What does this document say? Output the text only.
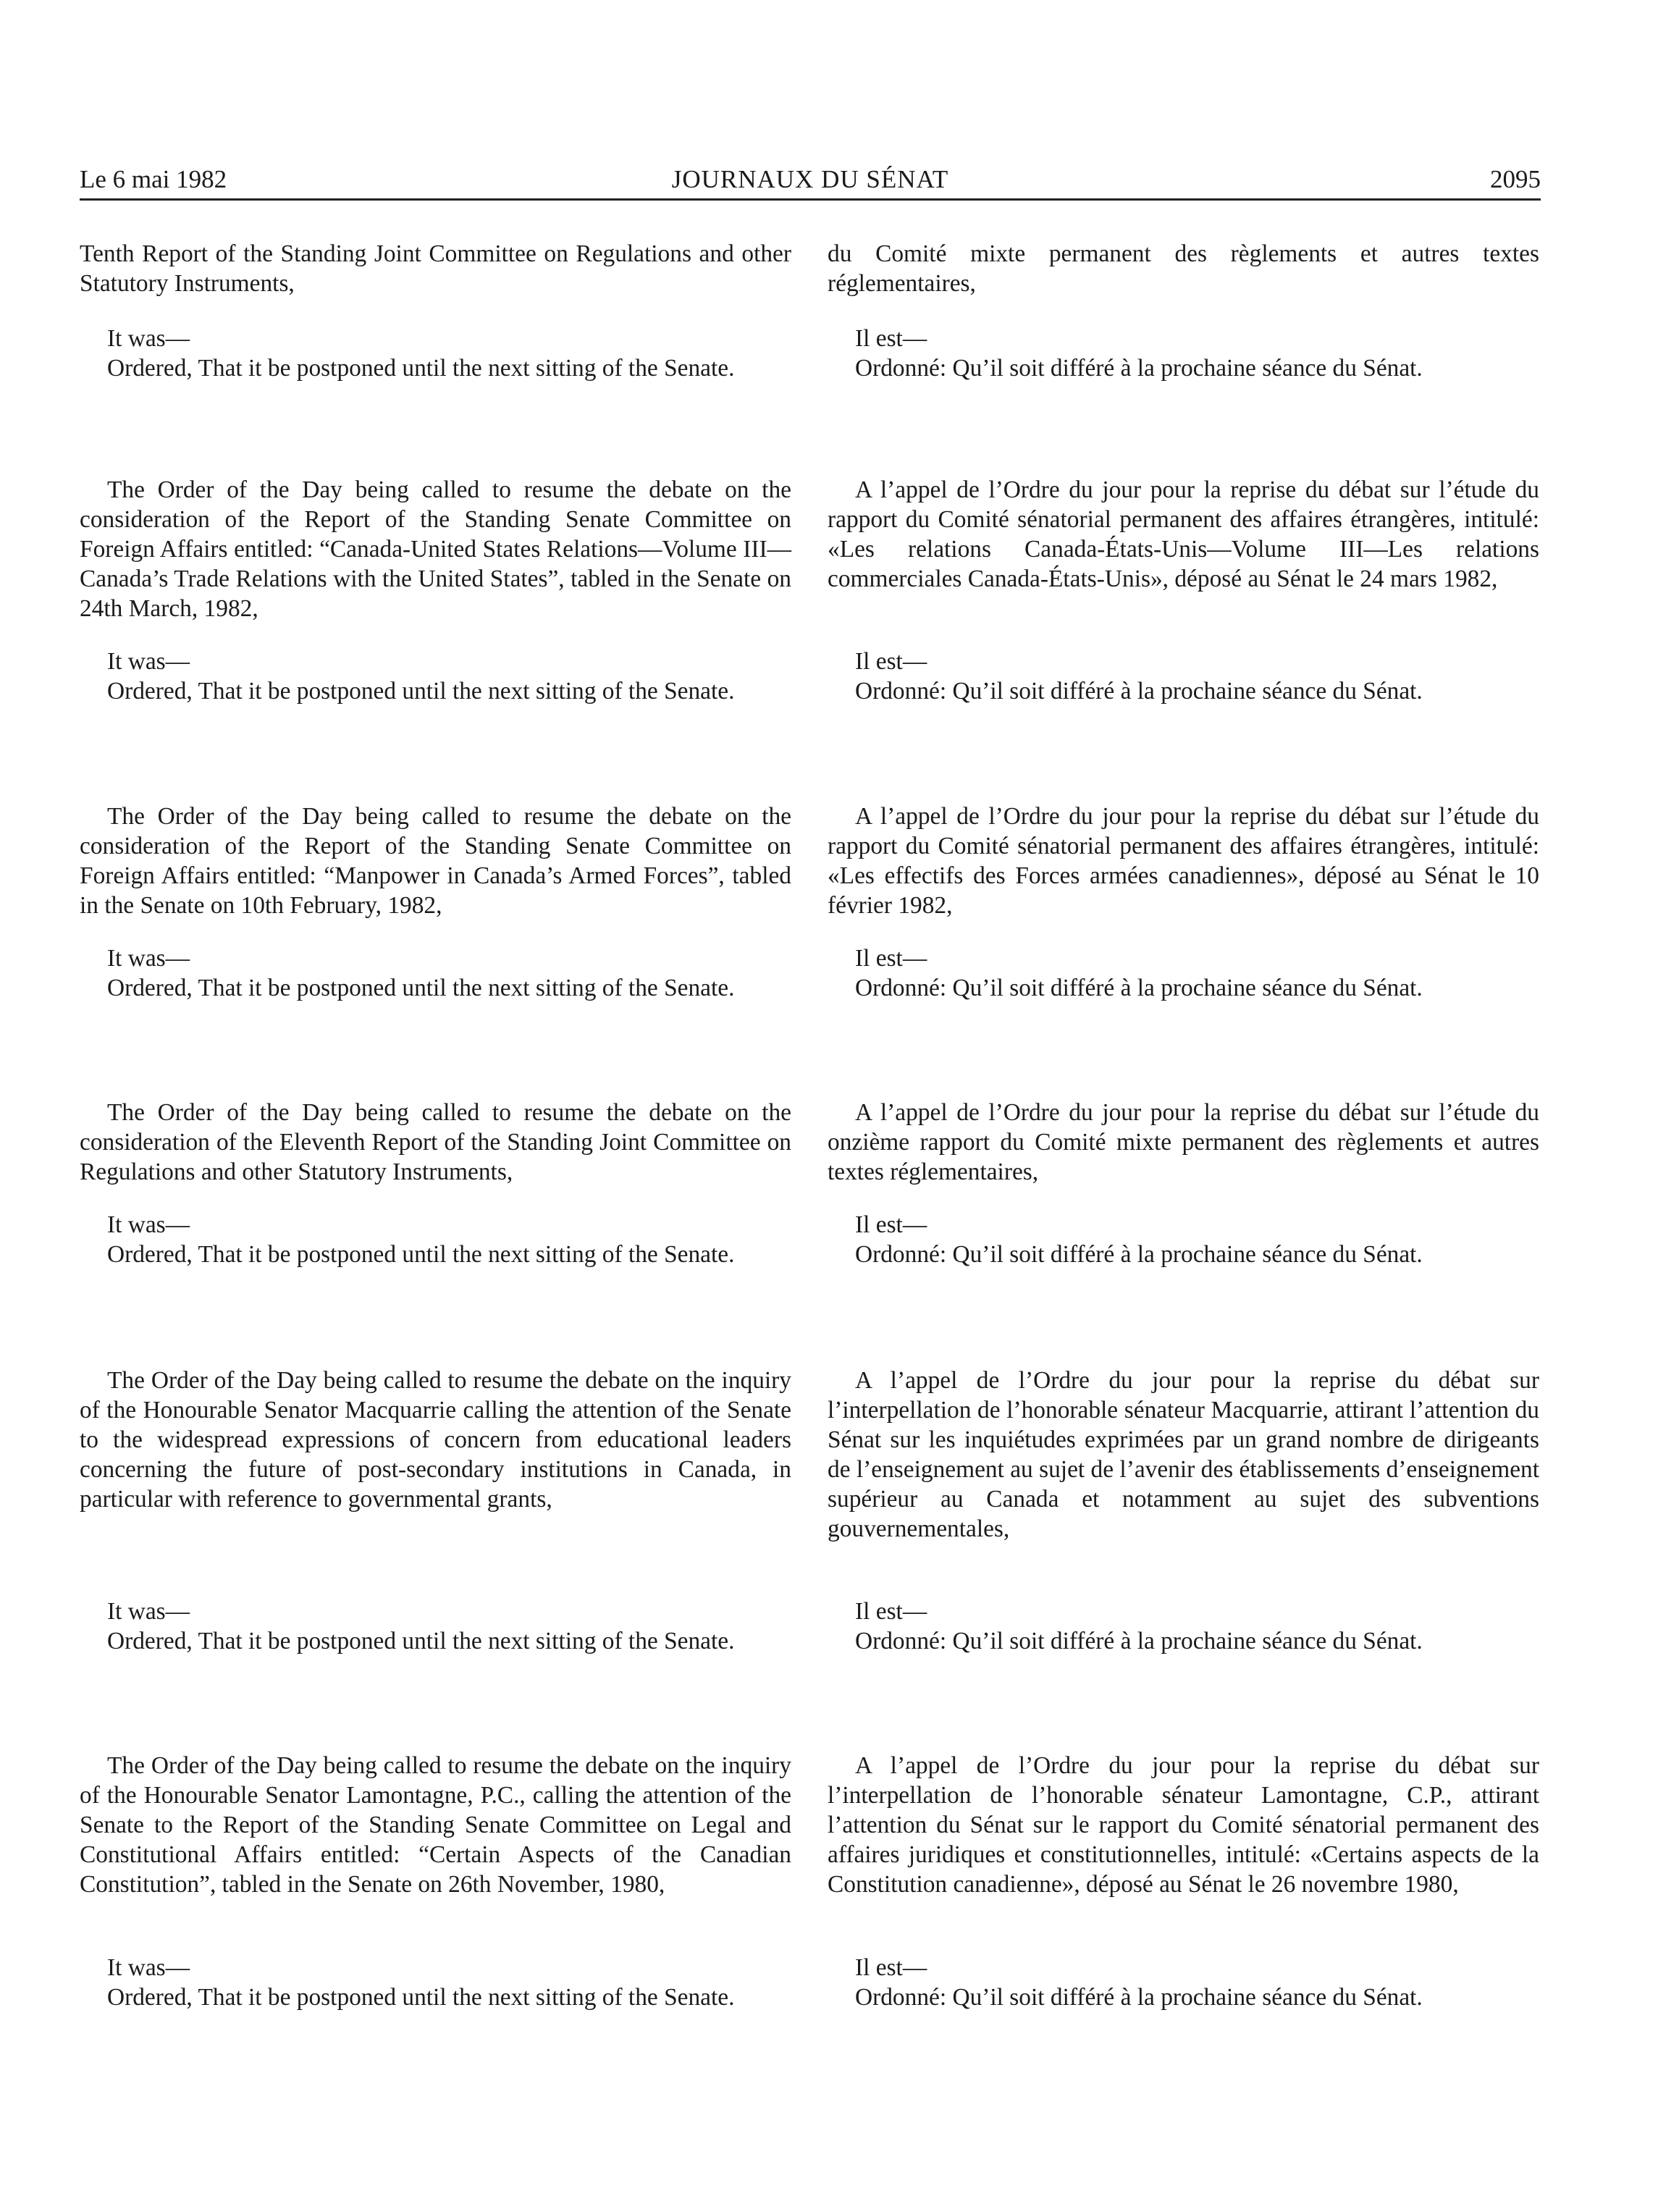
Le 6 mai 1982	JOURNAUX DU SÉNAT	2095

Tenth Report of the Standing Joint Committee on Regulations and other Statutory Instruments,

It was—

Ordered, That it be postponed until the next sitting of the Senate.

The Order of the Day being called to resume the debate on the consideration of the Report of the Standing Senate Committee on Foreign Affairs entitled: “Canada-United States Relations—Volume III—Canada’s Trade Relations with the United States”, tabled in the Senate on 24th March, 1982,

It was—

Ordered, That it be postponed until the next sitting of the Senate.

The Order of the Day being called to resume the debate on the consideration of the Report of the Standing Senate Committee on Foreign Affairs entitled: “Manpower in Canada’s Armed Forces”, tabled in the Senate on 10th February, 1982,

It was—

Ordered, That it be postponed until the next sitting of the Senate.

The Order of the Day being called to resume the debate on the consideration of the Eleventh Report of the Standing Joint Committee on Regulations and other Statutory Instruments,

It was—

Ordered, That it be postponed until the next sitting of the Senate.

The Order of the Day being called to resume the debate on the inquiry of the Honourable Senator Macquarrie calling the attention of the Senate to the widespread expressions of concern from educational leaders concerning the future of post-secondary institutions in Canada, in particular with reference to governmental grants,

It was—

Ordered, That it be postponed until the next sitting of the Senate.

The Order of the Day being called to resume the debate on the inquiry of the Honourable Senator Lamontagne, P.C., calling the attention of the Senate to the Report of the Standing Senate Committee on Legal and Constitutional Affairs entitled: “Certain Aspects of the Canadian Constitution”, tabled in the Senate on 26th November, 1980,

It was—

Ordered, That it be postponed until the next sitting of the Senate.

du Comité mixte permanent des règlements et autres textes réglementaires,

Il est—

Ordonné: Qu’il soit différé à la prochaine séance du Sénat.

A l’appel de l’Ordre du jour pour la reprise du débat sur l’étude du rapport du Comité sénatorial permanent des affaires étrangères, intitulé: «Les relations Canada-États-Unis—Volume III—Les relations commerciales Canada-États-Unis», déposé au Sénat le 24 mars 1982,

Il est—

Ordonné: Qu’il soit différé à la prochaine séance du Sénat.

A l’appel de l’Ordre du jour pour la reprise du débat sur l’étude du rapport du Comité sénatorial permanent des affaires étrangères, intitulé: «Les effectifs des Forces armées canadiennes», déposé au Sénat le 10 février 1982,

Il est—

Ordonné: Qu’il soit différé à la prochaine séance du Sénat.

A l’appel de l’Ordre du jour pour la reprise du débat sur l’étude du onzième rapport du Comité mixte permanent des règlements et autres textes réglementaires,

Il est—

Ordonné: Qu’il soit différé à la prochaine séance du Sénat.

A l’appel de l’Ordre du jour pour la reprise du débat sur l’interpellation de l’honorable sénateur Macquarrie, attirant l’attention du Sénat sur les inquiétudes exprimées par un grand nombre de dirigeants de l’enseignement au sujet de l’avenir des établissements d’enseignement supérieur au Canada et notamment au sujet des subventions gouvernementales,

Il est—

Ordonné: Qu’il soit différé à la prochaine séance du Sénat.

A l’appel de l’Ordre du jour pour la reprise du débat sur l’interpellation de l’honorable sénateur Lamontagne, C.P., attirant l’attention du Sénat sur le rapport du Comité sénatorial permanent des affaires juridiques et constitutionnelles, intitulé: «Certains aspects de la Constitution canadienne», déposé au Sénat le 26 novembre 1980,

Il est—

Ordonné: Qu’il soit différé à la prochaine séance du Sénat.
